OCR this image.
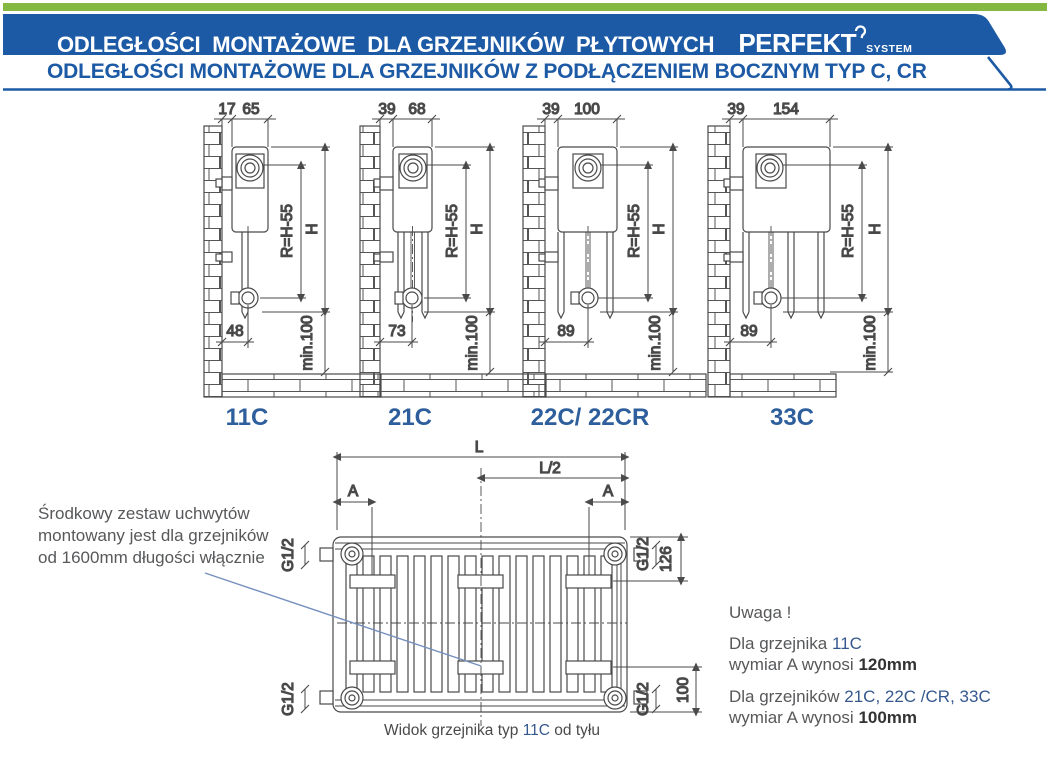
ODLEGŁOŚCI  MONTAŻOWE  DLA GRZEJNIKÓW  PŁYTOWYCH PERFEKT SYSTEM
ODLEGŁOŚCI MONTAŻOWE DLA GRZEJNIKÓW Z PODŁĄCZENIEM BOCZNYM TYP C, CR
17 65
R=H-55 H
min.100
48
39 68
R=H-55 H
min.100
73
39 100
R=H-55 H
min.100
89
39 154
R=H-55 H
min.100
89
L
L/2
A	A
G1/2
G1/2
G1/2
G1/2
126
100
11C	21C	22C/ 22CR	33C
Środkowy zestaw uchwytów
montowany jest dla grzejników
od 1600mm długości włącznie
Uwaga !
Dla grzejnika 11C
wymiar A wynosi 120mm
Dla grzejników 21C, 22C /CR, 33C
wymiar A wynosi 100mm
Widok grzejnika typ 11C od tyłu
